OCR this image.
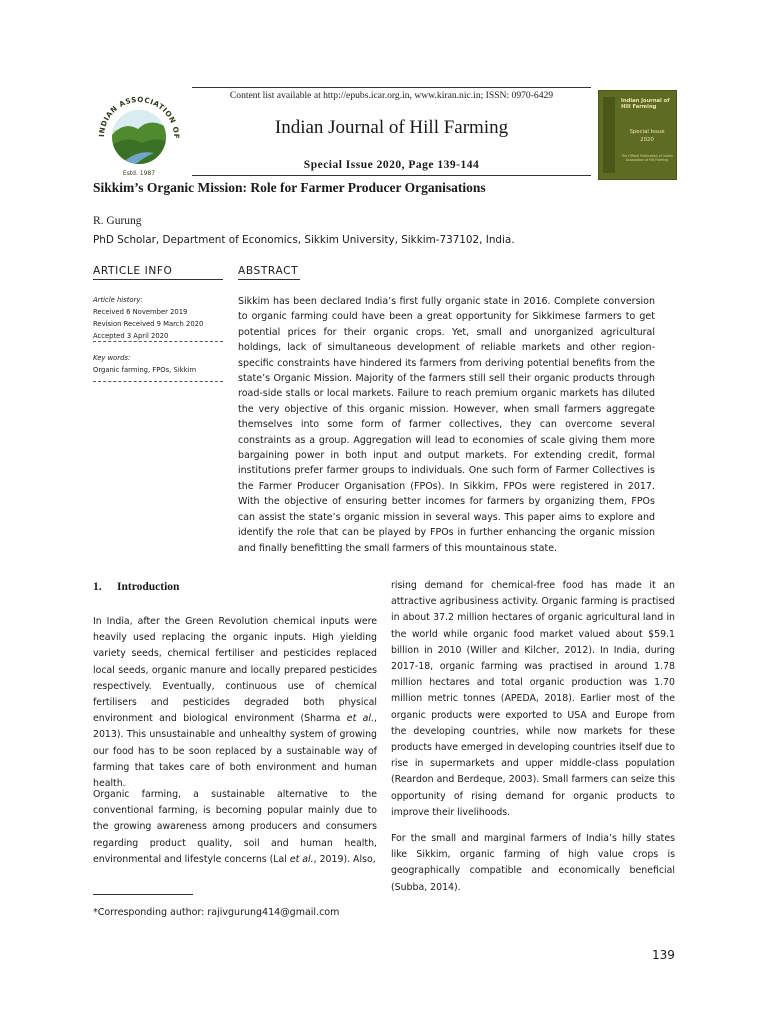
INDIAN ASSOCIATION OF
Estd. 1987
Content list available at http://epubs.icar.org.in, www.kiran.nic.in; ISSN: 0970-6429
Indian Journal of Hill Farming
Special Issue 2020, Page 139-144
Indian Journal of Hill Farming
Special Issue
2020
The Official Publication of Indian Association of Hill Farming
Sikkim’s Organic Mission: Role for Farmer Producer Organisations
R. Gurung
PhD Scholar, Department of Economics, Sikkim University, Sikkim-737102, India.
ARTICLE INFO
Article history:
Received 6 November 2019
Revision Received 9 March 2020
Accepted 3 April 2020
Key words:
Organic farming, FPOs, Sikkim
ABSTRACT
Sikkim has been declared India’s first fully organic state in 2016. Complete conversion to organic farming could have been a great opportunity for Sikkimese farmers to get potential prices for their organic crops. Yet, small and unorganized agricultural holdings, lack of simultaneous development of reliable markets and other region-specific constraints have hindered its farmers from deriving potential benefits from the state’s Organic Mission. Majority of the farmers still sell their organic products through road-side stalls or local markets. Failure to reach premium organic markets has diluted the very objective of this organic mission. However, when small farmers aggregate themselves into some form of farmer collectives, they can overcome several constraints as a group. Aggregation will lead to economies of scale giving them more bargaining power in both input and output markets. For extending credit, formal institutions prefer farmer groups to individuals. One such form of Farmer Collectives is the Farmer Producer Organisation (FPOs). In Sikkim, FPOs were registered in 2017. With the objective of ensuring better incomes for farmers by organizing them, FPOs can assist the state’s organic mission in several ways. This paper aims to explore and identify the role that can be played by FPOs in further enhancing the organic mission and finally benefitting the small farmers of this mountainous state.
1. Introduction
In India, after the Green Revolution chemical inputs were heavily used replacing the organic inputs. High yielding variety seeds, chemical fertiliser and pesticides replaced local seeds, organic manure and locally prepared pesticides respectively. Eventually, continuous use of chemical fertilisers and pesticides degraded both physical environment and biological environment (Sharma et al., 2013). This unsustainable and unhealthy system of growing our food has to be soon replaced by a sustainable way of farming that takes care of both environment and human health.
Organic farming, a sustainable alternative to the conventional farming, is becoming popular mainly due to the growing awareness among producers and consumers regarding product quality, soil and human health, environmental and lifestyle concerns (Lal et al., 2019). Also,
rising demand for chemical-free food has made it an attractive agribusiness activity. Organic farming is practised in about 37.2 million hectares of organic agricultural land in the world while organic food market valued about $59.1 billion in 2010 (Willer and Kilcher, 2012). In India, during 2017-18, organic farming was practised in around 1.78 million hectares and total organic production was 1.70 million metric tonnes (APEDA, 2018). Earlier most of the organic products were exported to USA and Europe from the developing countries, while now markets for these products have emerged in developing countries itself due to rise in supermarkets and upper middle-class population (Reardon and Berdeque, 2003). Small farmers can seize this opportunity of rising demand for organic products to improve their livelihoods.
For the small and marginal farmers of India’s hilly states like Sikkim, organic farming of high value crops is geographically compatible and economically beneficial (Subba, 2014).
*Corresponding author: rajivgurung414@gmail.com
139
